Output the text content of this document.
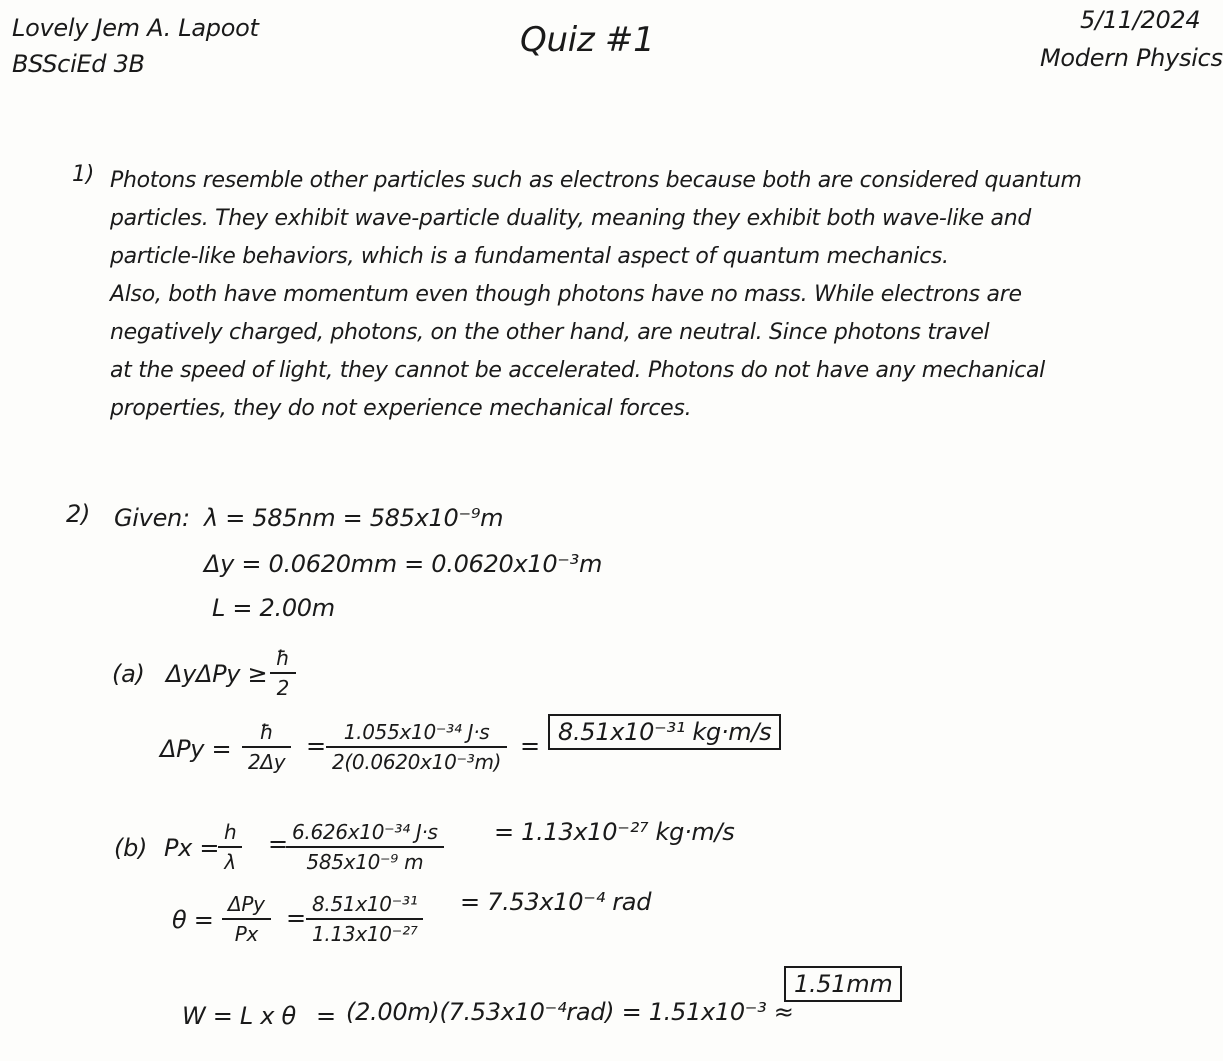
Lovely Jem A. Lapoot
BSSciEd 3B
Quiz #1	5/11/2024
Modern Physics
1) Photons resemble other particles such as electrons because both are considered quantum
particles. They exhibit wave-particle duality, meaning they exhibit both wave-like and
particle-like behaviors, which is a fundamental aspect of quantum mechanics.
Also, both have momentum even though photons have no mass. While electrons are
negatively charged, photons, on the other hand, are neutral. Since photons travel
at the speed of light, they cannot be accelerated. Photons do not have any mechanical
properties, they do not experience mechanical forces.
2) Given: λ = 585nm = 585x10⁻⁹m
Δy = 0.0620mm = 0.0620x10⁻³m
L = 2.00m
(a) $\Delta y\Delta Py \ge \frac{ħ}{2}$
$\Delta Py = \frac{ħ}{2\Delta y} = \frac{\text{1.055x10⁻³⁴ J·s}}{\text{2(0.0620x10⁻³m)}} = 8.51x10^{-31}$ kg·m/s
(b) Px =
$\frac{h}{\lambda}$ =
$\frac{\text{6.626x10⁻³⁴ J·s}}{\text{585x10⁻⁹ m}} = 1.13x10^{-27}$ kg·m/s
$\theta = \frac{\text{ΔPy}}{Px} = \frac{\text{8.51x10⁻³¹}}{\text{1.13x10⁻²⁷}} = 7.53x10^{-4}$ rad
W = L x θ = (2.00m)(7.53x10⁻⁴rad) = 1.51x10⁻³ ≈
1.51mm
